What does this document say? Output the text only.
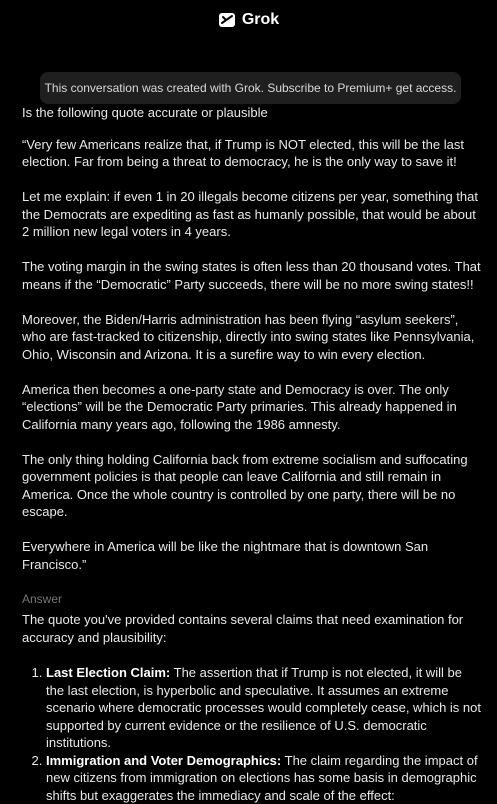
Grok
This conversation was created with Grok. Subscribe to Premium+ get access.

Is the following quote accurate or plausible

“Very few Americans realize that, if Trump is NOT elected, this will be the last election. Far from being a threat to democracy, he is the only way to save it!

Let me explain: if even 1 in 20 illegals become citizens per year, something that the Democrats are expediting as fast as humanly possible, that would be about 2 million new legal voters in 4 years.

The voting margin in the swing states is often less than 20 thousand votes. That means if the “Democratic” Party succeeds, there will be no more swing states!!

Moreover, the Biden/Harris administration has been flying “asylum seekers”, who are fast-tracked to citizenship, directly into swing states like Pennsylvania, Ohio, Wisconsin and Arizona. It is a surefire way to win every election.

America then becomes a one-party state and Democracy is over. The only “elections” will be the Democratic Party primaries. This already happened in California many years ago, following the 1986 amnesty.

The only thing holding California back from extreme socialism and suffocating government policies is that people can leave California and still remain in America. Once the whole country is controlled by one party, there will be no escape.

Everywhere in America will be like the nightmare that is downtown San Francisco.”

Answer

The quote you've provided contains several claims that need examination for accuracy and plausibility:

1. Last Election Claim: The assertion that if Trump is not elected, it will be the last election, is hyperbolic and speculative. It assumes an extreme scenario where democratic processes would completely cease, which is not supported by current evidence or the resilience of U.S. democratic institutions.
2. Immigration and Voter Demographics: The claim regarding the impact of new citizens from immigration on elections has some basis in demographic shifts but exaggerates the immediacy and scale of the effect:
